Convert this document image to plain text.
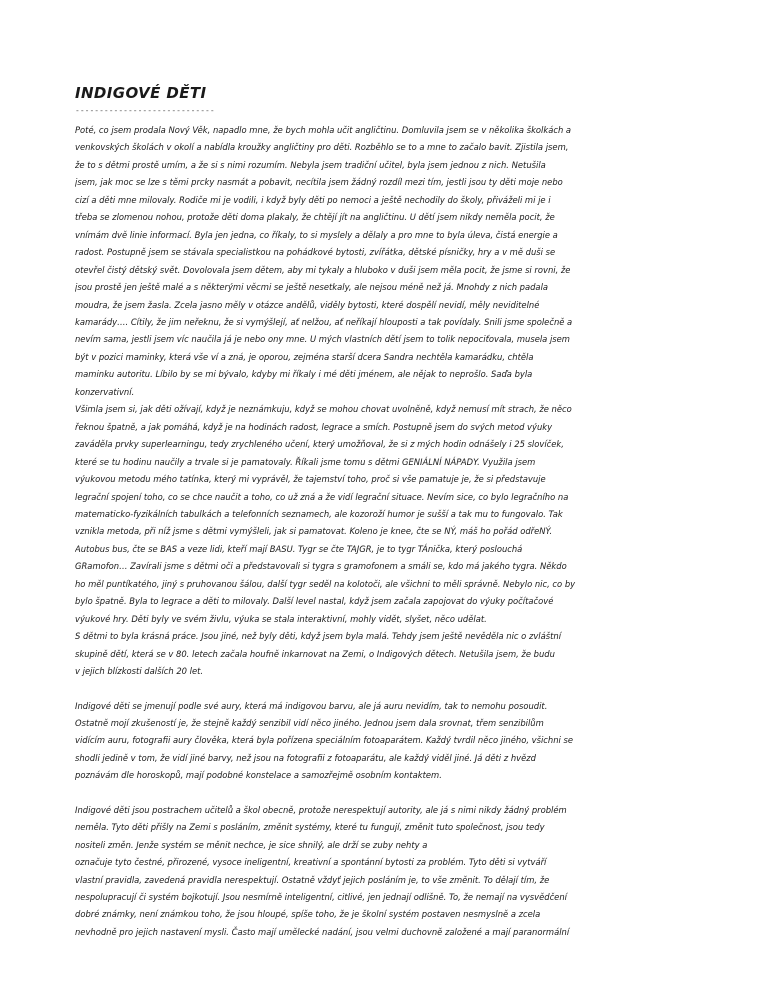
INDIGOVÉ DĚTI
-----------------------------
Poté, co jsem prodala Nový Věk, napadlo mne, že bych mohla učit angličtinu. Domluvila jsem se v několika školkách a
venkovských školách v okolí a nabídla kroužky angličtiny pro děti. Rozběhlo se to a mne to začalo bavit. Zjistila jsem,
že to s dětmi prostě umím, a že si s nimi rozumím. Nebyla jsem tradiční učitel, byla jsem jednou z nich. Netušila
jsem, jak moc se lze s těmi prcky nasmát a pobavit, necítila jsem žádný rozdíl mezi tím, jestli jsou ty děti moje nebo
cizí a děti mne milovaly. Rodiče mi je vodili, i když byly děti po nemoci a ještě nechodily do školy, přiváželi mi je i
třeba se zlomenou nohou, protože děti doma plakaly, že chtějí jít na angličtinu. U dětí jsem nikdy neměla pocit, že
vnímám dvě linie informací. Byla jen jedna, co říkaly, to si myslely a dělaly a pro mne to byla úleva, čistá energie a
radost. Postupně jsem se stávala specialistkou na pohádkové bytosti, zvířátka, dětské písničky, hry a v mě duši se
otevřel čistý dětský svět. Dovolovala jsem dětem, aby mi tykaly a hluboko v duši jsem měla pocit, že jsme si rovni, že
jsou prostě jen ještě malé a s některými věcmi se ještě nesetkaly, ale nejsou méně než já. Mnohdy z nich padala
moudra, že jsem žasla. Zcela jasno měly v otázce andělů, viděly bytosti, které dospělí nevidí, měly neviditelné
kamarády…. Cítily, že jim neřeknu, že si vymýšlejí, ať nelžou, ať neříkají hlouposti a tak povídaly. Snili jsme společně a
nevím sama, jestli jsem víc naučila já je nebo ony mne. U mých vlastních dětí jsem to tolik nepociťovala, musela jsem
být v pozici maminky, která vše ví a zná, je oporou, zejména starší dcera Sandra nechtěla kamarádku, chtěla
maminku autoritu. Líbilo by se mi bývalo, kdyby mi říkaly i mé děti jménem, ale nějak to neprošlo. Saďa byla
konzervativní.
Všimla jsem si, jak děti ožívají, když je neznámkuju, když se mohou chovat uvolněně, když nemusí mít strach, že něco
řeknou špatně, a jak pomáhá, když je na hodinách radost, legrace a smích. Postupně jsem do svých metod výuky
zaváděla prvky superlearningu, tedy zrychleného učení, který umožňoval, že si z mých hodin odnášely i 25 slovíček,
které se tu hodinu naučily a trvale si je pamatovaly. Říkali jsme tomu s dětmi GENIÁLNÍ NÁPADY. Využila jsem
výukovou metodu mého tatínka, který mi vyprávěl, že tajemství toho, proč si vše pamatuje je, že si představuje
legrační spojení toho, co se chce naučit a toho, co už zná a že vidí legrační situace. Nevím sice, co bylo legračního na
matematicko-fyzikálních tabulkách a telefonních seznamech, ale kozoroží humor je sušší a tak mu to fungovalo. Tak
vznikla metoda, při níž jsme s dětmi vymýšleli, jak si pamatovat. Koleno je knee, čte se NÝ, máš ho pořád odřeNÝ.
Autobus bus, čte se BAS a veze lidi, kteří mají BASU. Tygr se čte TAJGR, je to tygr TÁnička, který poslouchá
GRamofon… Zavírali jsme s dětmi oči a představovali si tygra s gramofonem a smáli se, kdo má jakého tygra. Někdo
ho měl puntíkatého, jiný s pruhovanou šálou, další tygr seděl na kolotoči, ale všichni to měli správně. Nebylo nic, co by
bylo špatně. Byla to legrace a děti to milovaly. Další level nastal, když jsem začala zapojovat do výuky počítačové
výukové hry. Děti byly ve svém živlu, výuka se stala interaktivní, mohly vidět, slyšet, něco udělat.
S dětmi to byla krásná práce. Jsou jiné, než byly děti, když jsem byla malá. Tehdy jsem ještě nevěděla nic o zvláštní
skupině dětí, která se v 80. letech začala houfně inkarnovat na Zemi, o Indigových dětech. Netušila jsem, že budu
v jejich blízkosti dalších 20 let.
Indigové děti se jmenují podle své aury, která má indigovou barvu, ale já auru nevidím, tak to nemohu posoudit.
Ostatně mojí zkušeností je, že stejně každý senzibil vidí něco jiného. Jednou jsem dala srovnat, třem senzibilům
vidícím auru, fotografii aury člověka, která byla pořízena speciálním fotoaparátem. Každý tvrdil něco jiného, všichni se
shodli jedině v tom, že vidí jiné barvy, než jsou na fotografii z fotoaparátu, ale každý viděl jiné. Já děti z hvězd
poznávám dle horoskopů, mají podobné konstelace a samozřejmě osobním kontaktem.
Indigové děti jsou postrachem učitelů a škol obecně, protože nerespektují autority, ale já s nimi nikdy žádný problém
neměla. Tyto děti přišly na Zemi s posláním, změnit systémy, které tu fungují, změnit tuto společnost, jsou tedy
nositeli změn. Jenže systém se měnit nechce, je sice shnilý, ale drží se zuby nehty a
označuje tyto čestné, přirozené, vysoce ineligentní, kreativní a spontánní bytosti za problém. Tyto děti si vytváří
vlastní pravidla, zavedená pravidla nerespektují. Ostatně vždyť jejich posláním je, to vše změnit. To dělají tím, že
nespolupracují či systém bojkotují. Jsou nesmírně inteligentní, citlivé, jen jednají odlišně. To, že nemají na vysvědčení
dobré známky, není známkou toho, že jsou hloupé, spíše toho, že je školní systém postaven nesmyslně a zcela
nevhodně pro jejich nastavení mysli. Často mají umělecké nadání, jsou velmi duchovně založené a mají paranormální
